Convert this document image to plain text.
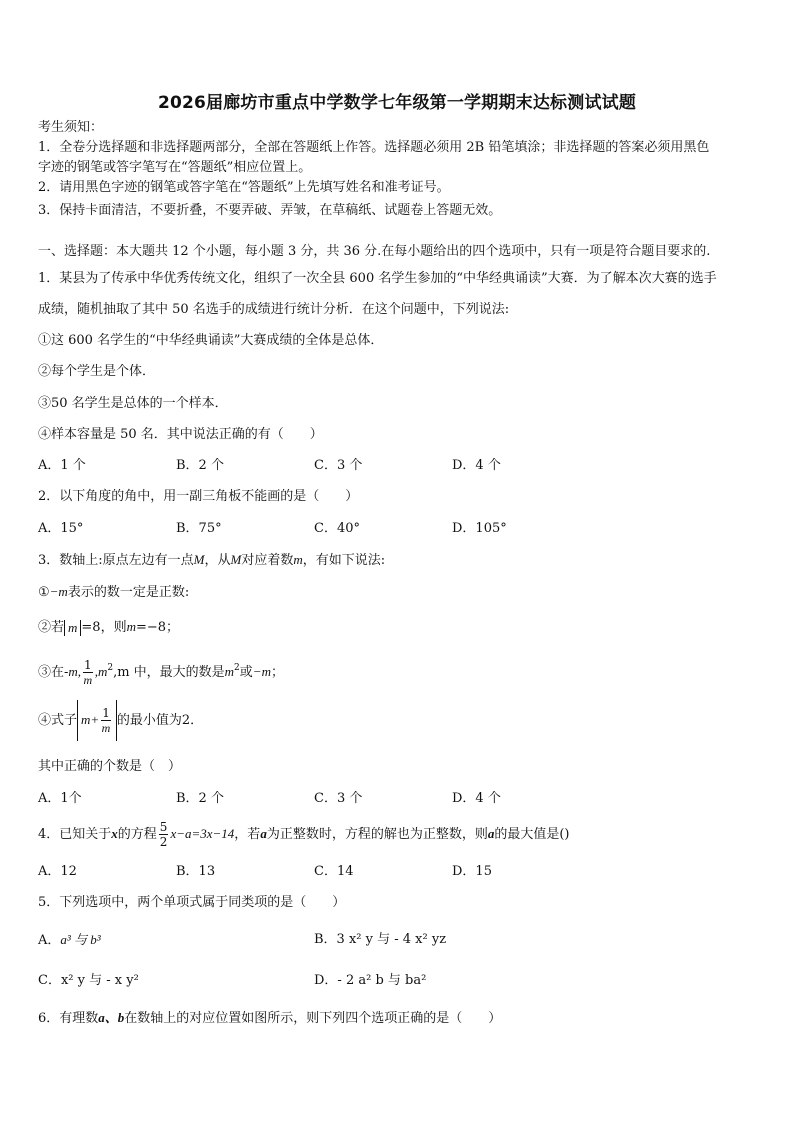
2026届廊坊市重点中学数学七年级第一学期期末达标测试试题
考生须知：
1．全卷分选择题和非选择题两部分，全部在答题纸上作答。选择题必须用 2B 铅笔填涂；非选择题的答案必须用黑色
字迹的钢笔或答字笔写在“答题纸”相应位置上。
2．请用黑色字迹的钢笔或答字笔在“答题纸”上先填写姓名和准考证号。
3．保持卡面清洁，不要折叠，不要弄破、弄皱，在草稿纸、试题卷上答题无效。
一、选择题：本大题共 12 个小题，每小题 3 分，共 36 分.在每小题给出的四个选项中，只有一项是符合题目要求的.
1．某县为了传承中华优秀传统文化，组织了一次全县 600 名学生参加的“中华经典诵读”大赛．为了解本次大赛的选手
成绩，随机抽取了其中 50 名选手的成绩进行统计分析．在这个问题中，下列说法:
①这 600 名学生的“中华经典诵读”大赛成绩的全体是总体．
②每个学生是个体．
③50 名学生是总体的一个样本．
④样本容量是 50 名．其中说法正确的有（　　）
A．1 个	B．2 个	C．3 个	D．4 个
2．以下角度的角中，用一副三角板不能画的是（　　）
A．15°	B．75°	C．40°	D．105°
3．数轴上:原点左边有一点M，从M对应着数m，有如下说法:
①−m表示的数一定是正数:
②若 m =8，则m=−8；
③在-m, $\frac{1}{m} ,m^2,m$ 中，最大的数是$m^2$或−m；
④式子 $m+ \frac{1}{m}$ 的最小值为2．
其中正确的个数是（　）
A．1个	B．2 个	C．3 个	D．4 个
4．已知关于x的方程 $\frac{5}{2} x-a=3x-14$，若a为正整数时，方程的解也为正整数，则a的最大值是()
A．12	B．13	C．14	D．15
5．下列选项中，两个单项式属于同类项的是（　　）
A．a³ 与 b³	B．3 x² y 与 - 4 x² yz
C．x² y 与 - x y²	D．- 2 a² b 与 ba²
6．有理数a、b在数轴上的对应位置如图所示，则下列四个选项正确的是（　　）
